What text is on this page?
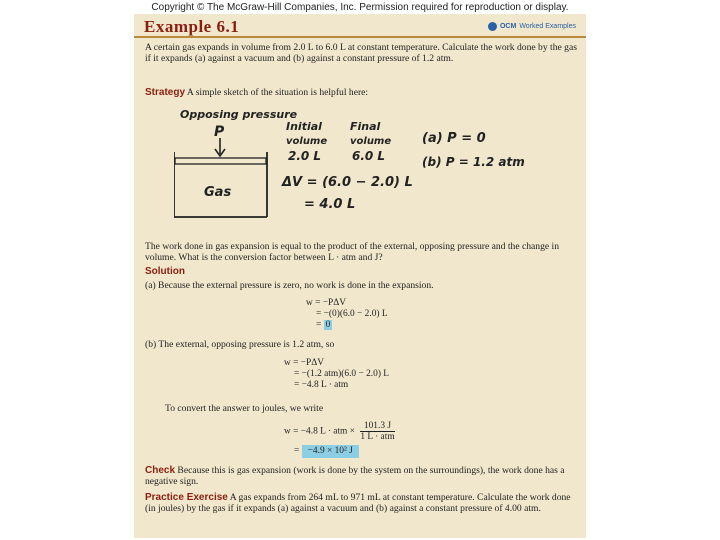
Copyright © The McGraw-Hill Companies, Inc. Permission required for reproduction or display.
Example 6.1	OCM Worked Examples
A certain gas expands in volume from 2.0 L to 6.0 L at constant temperature. Calculate the work done by the gas if it expands (a) against a vacuum and (b) against a constant pressure of 1.2 atm.
Strategy A simple sketch of the situation is helpful here:
Opposing pressure
P
Gas
Initial
volume
2.0 L
Final
volume
6.0 L
ΔV = (6.0 − 2.0) L
= 4.0 L
(a) P = 0
(b) P = 1.2 atm
The work done in gas expansion is equal to the product of the external, opposing pressure and the change in volume. What is the conversion factor between L · atm and J?
Solution
(a) Because the external pressure is zero, no work is done in the expansion.
w = −PΔV
= −(0)(6.0 − 2.0) L
= 0
(b) The external, opposing pressure is 1.2 atm, so
w = −PΔV
= −(1.2 atm)(6.0 − 2.0) L
= −4.8 L · atm
To convert the answer to joules, we write
w = −4.8 L · atm × $\frac{101.3 J}{\text{1 L · atm}}$
= −4.9 × 10² J
Check Because this is gas expansion (work is done by the system on the surroundings), the work done has a negative sign.
Practice Exercise A gas expands from 264 mL to 971 mL at constant temperature. Calculate the work done (in joules) by the gas if it expands (a) against a vacuum and (b) against a constant pressure of 4.00 atm.
